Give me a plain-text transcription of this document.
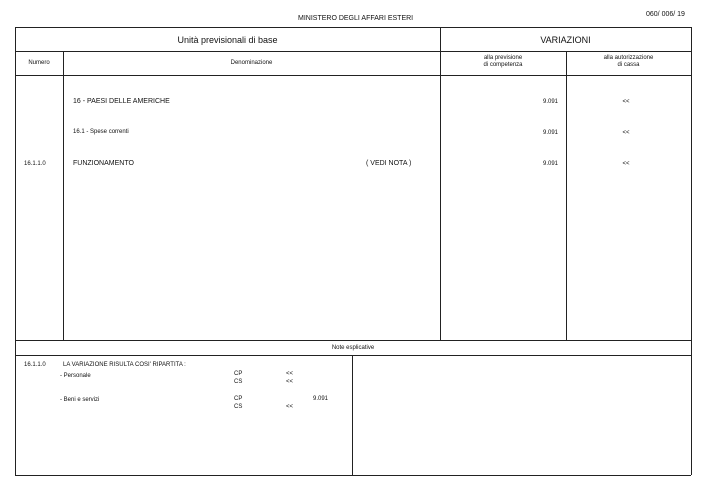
MINISTERO DEGLI AFFARI ESTERI
060/ 006/ 19
Unità previsionali di base	VARIAZIONI
Numero	Denominazione
alla previsione
di competenza
alla autorizzazione
di cassa
16 - PAESI DELLE AMERICHE	9.091	<<
16.1 - Spese correnti	9.091	<<
16.1.1.0	FUNZIONAMENTO	( VEDI NOTA )	9.091	<<
Note esplicative
16.1.1.0	LA VARIAZIONE RISULTA COSI' RIPARTITA :
- Personale	CP	<<
CS	<<
- Beni e servizi	CP	9.091
CS	<<
